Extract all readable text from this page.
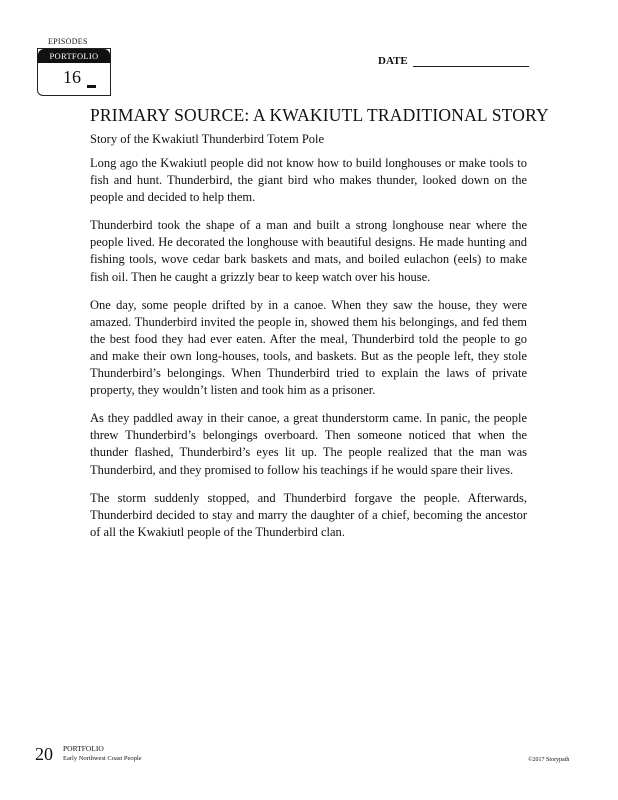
EPISODES
PORTFOLIO
16
DATE
PRIMARY SOURCE: A KWAKIUTL TRADITIONAL STORY
Story of the Kwakiutl Thunderbird Totem Pole

Long ago the Kwakiutl people did not know how to build longhouses or make tools to fish and hunt. Thunderbird, the giant bird who makes thunder, looked down on the people and decided to help them.

Thunderbird took the shape of a man and built a strong longhouse near where the people lived. He decorated the longhouse with beautiful designs. He made hunting and fishing tools, wove cedar bark baskets and mats, and boiled eulachon (eels) to make fish oil. Then he caught a grizzly bear to keep watch over his house.

One day, some people drifted by in a canoe. When they saw the house, they were amazed. Thunderbird invited the people in, showed them his belongings, and fed them the best food they had ever eaten. After the meal, Thunderbird told the people to go and make their own long-houses, tools, and baskets. But as the people left, they stole Thunderbird’s belongings. When Thunderbird tried to explain the laws of private property, they wouldn’t listen and took him as a prisoner.

As they paddled away in their canoe, a great thunderstorm came. In panic, the people threw Thunderbird’s belongings overboard. Then someone noticed that when the thunder flashed, Thunderbird’s eyes lit up. The people realized that the man was Thunderbird, and they promised to follow his teachings if he would spare their lives.

The storm suddenly stopped, and Thunderbird forgave the people. Afterwards, Thunderbird decided to stay and marry the daughter of a chief, becoming the ancestor of all the Kwakiutl people of the Thunderbird clan.

20 PORTFOLIO
Early Northwest Coast People	©2017 Storypath
